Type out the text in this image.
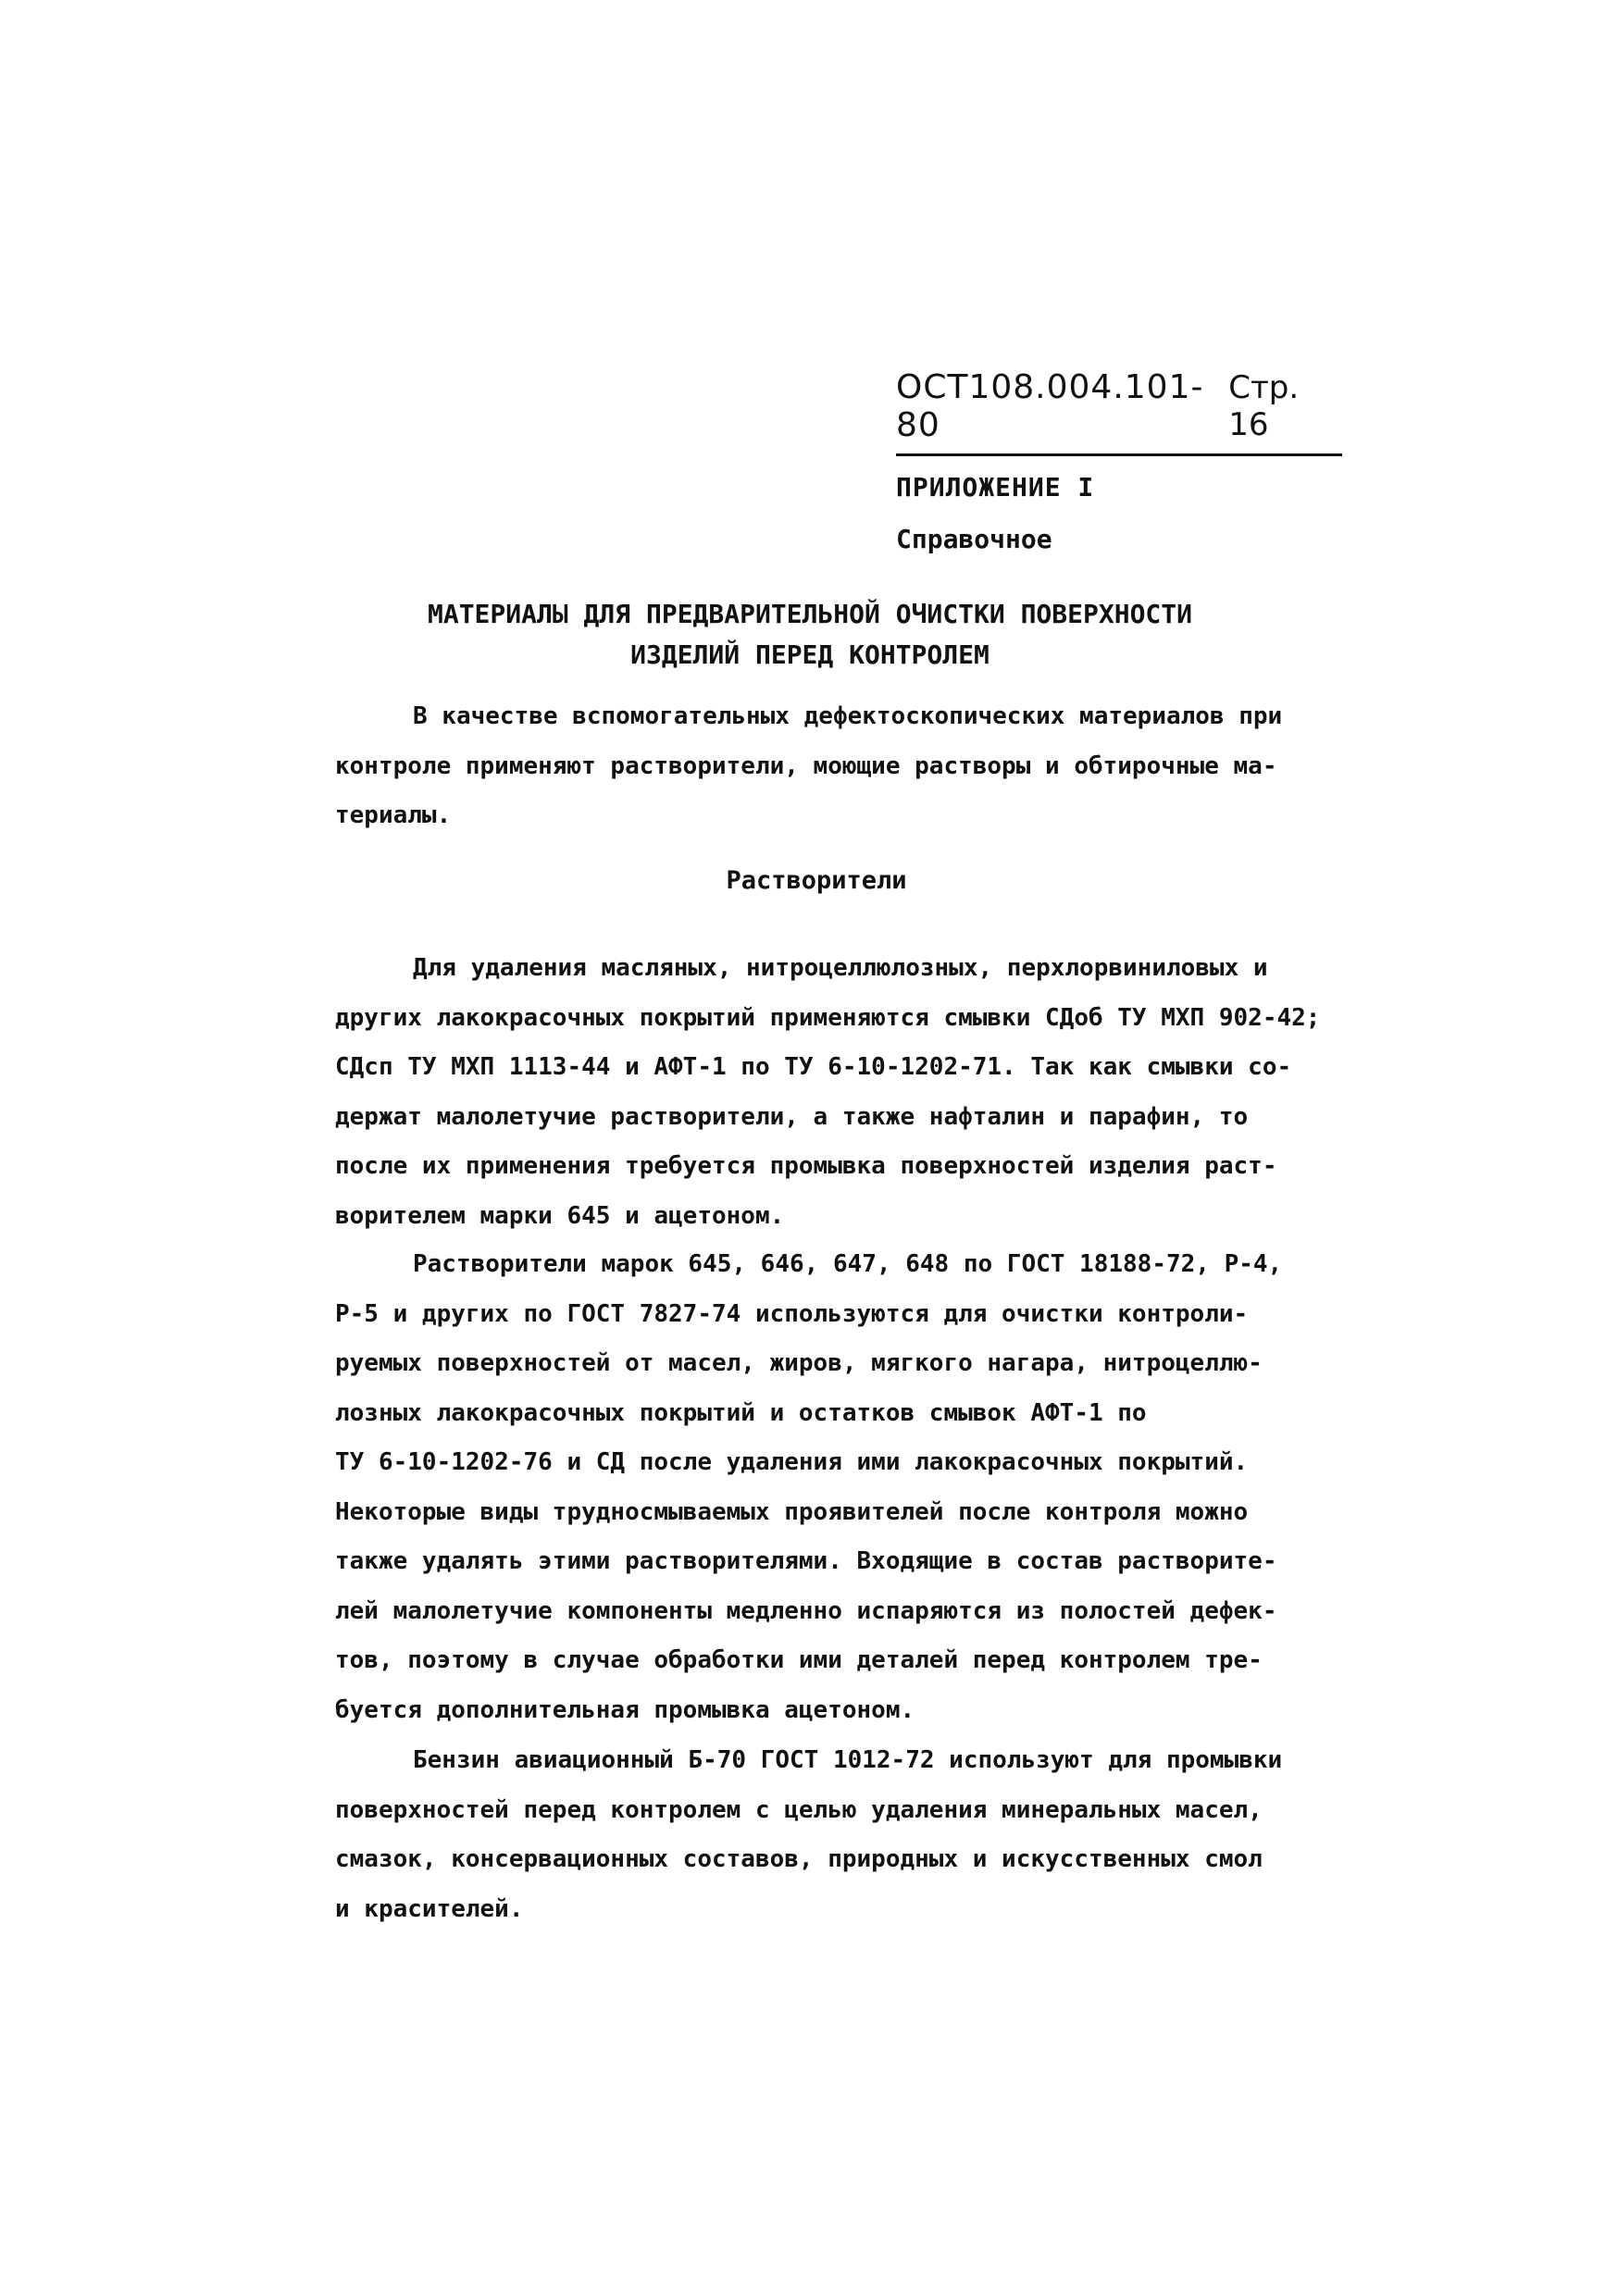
ОСТ108.004.101-80
Стр. 16
ПРИЛОЖЕНИЕ I
Справочное
МАТЕРИАЛЫ ДЛЯ ПРЕДВАРИТЕЛЬНОЙ ОЧИСТКИ ПОВЕРХНОСТИ
ИЗДЕЛИЙ ПЕРЕД КОНТРОЛЕМ
В качестве вспомогательных дефектоскопических материалов при
контроле применяют растворители, моющие растворы и обтирочные ма-
териалы.
Растворители
Для удаления масляных, нитроцеллюлозных, перхлорвиниловых и
других лакокрасочных покрытий применяются смывки СДоб ТУ МХП 902-42;
СДсп ТУ МХП 1113-44 и АФТ-1 по ТУ 6-10-1202-71. Так как смывки со-
держат малолетучие растворители, а также нафталин и парафин, то
после их применения требуется промывка поверхностей изделия раст-
ворителем марки 645 и ацетоном.
Растворители марок 645, 646, 647, 648 по ГОСТ 18188-72, Р-4,
Р-5 и других по ГОСТ 7827-74 используются для очистки контроли-
руемых поверхностей от масел, жиров, мягкого нагара, нитроцеллю-
лозных лакокрасочных покрытий и остатков смывок АФТ-1 по
ТУ 6-10-1202-76 и СД после удаления ими лакокрасочных покрытий.
Некоторые виды трудносмываемых проявителей после контроля можно
также удалять этими растворителями. Входящие в состав растворите-
лей малолетучие компоненты медленно испаряются из полостей дефек-
тов, поэтому в случае обработки ими деталей перед контролем тре-
буется дополнительная промывка ацетоном.
Бензин авиационный Б-70 ГОСТ 1012-72 используют для промывки
поверхностей перед контролем с целью удаления минеральных масел,
смазок, консервационных составов, природных и искусственных смол
и красителей.
